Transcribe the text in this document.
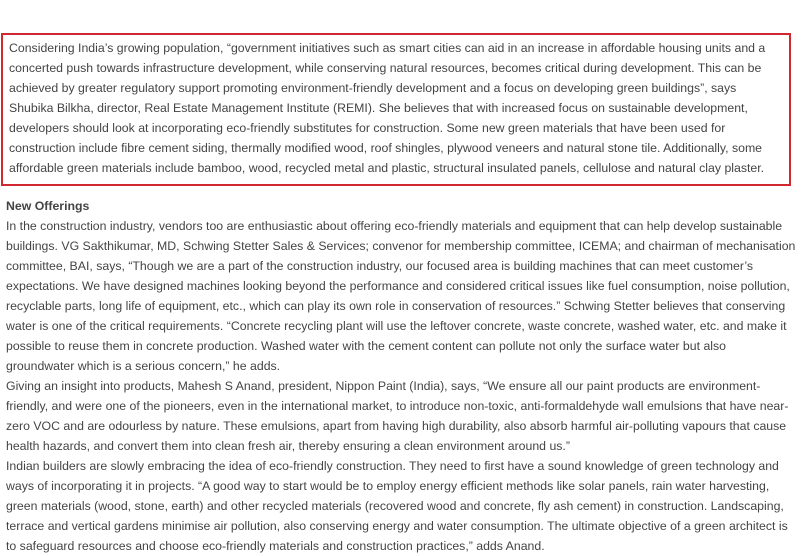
Considering India’s growing population, “government initiatives such as smart cities can aid in an increase in affordable housing units and a concerted push towards infrastructure development, while conserving natural resources, becomes critical during development. This can be achieved by greater regulatory support promoting environment-friendly development and a focus on developing green buildings”, says Shubika Bilkha, director, Real Estate Management Institute (REMI). She believes that with increased focus on sustainable development, developers should look at incorporating eco-friendly substitutes for construction. Some new green materials that have been used for construction include fibre cement siding, thermally modified wood, roof shingles, plywood veneers and natural stone tile. Additionally, some affordable green materials include bamboo, wood, recycled metal and plastic, structural insulated panels, cellulose and natural clay plaster.

New Offerings

In the construction industry, vendors too are enthusiastic about offering eco-friendly materials and equipment that can help develop sustainable buildings. VG Sakthikumar, MD, Schwing Stetter Sales & Services; convenor for membership committee, ICEMA; and chairman of mechanisation committee, BAI, says, “Though we are a part of the construction industry, our focused area is building machines that can meet customer’s expectations. We have designed machines looking beyond the performance and considered critical issues like fuel consumption, noise pollution, recyclable parts, long life of equipment, etc., which can play its own role in conservation of resources.” Schwing Stetter believes that conserving water is one of the critical requirements. “Concrete recycling plant will use the leftover concrete, waste concrete, washed water, etc. and make it possible to reuse them in concrete production. Washed water with the cement content can pollute not only the surface water but also groundwater which is a serious concern,” he adds.

Giving an insight into products, Mahesh S Anand, president, Nippon Paint (India), says, “We ensure all our paint products are environment-friendly, and were one of the pioneers, even in the international market, to introduce non-toxic, anti-formaldehyde wall emulsions that have near-zero VOC and are odourless by nature. These emulsions, apart from having high durability, also absorb harmful air-polluting vapours that cause health hazards, and convert them into clean fresh air, thereby ensuring a clean environment around us.”

Indian builders are slowly embracing the idea of eco-friendly construction. They need to first have a sound knowledge of green technology and ways of incorporating it in projects. “A good way to start would be to employ energy efficient methods like solar panels, rain water harvesting, green materials (wood, stone, earth) and other recycled materials (recovered wood and concrete, fly ash cement) in construction. Landscaping, terrace and vertical gardens minimise air pollution, also conserving energy and water consumption. The ultimate objective of a green architect is to safeguard resources and choose eco-friendly materials and construction practices,” adds Anand.
